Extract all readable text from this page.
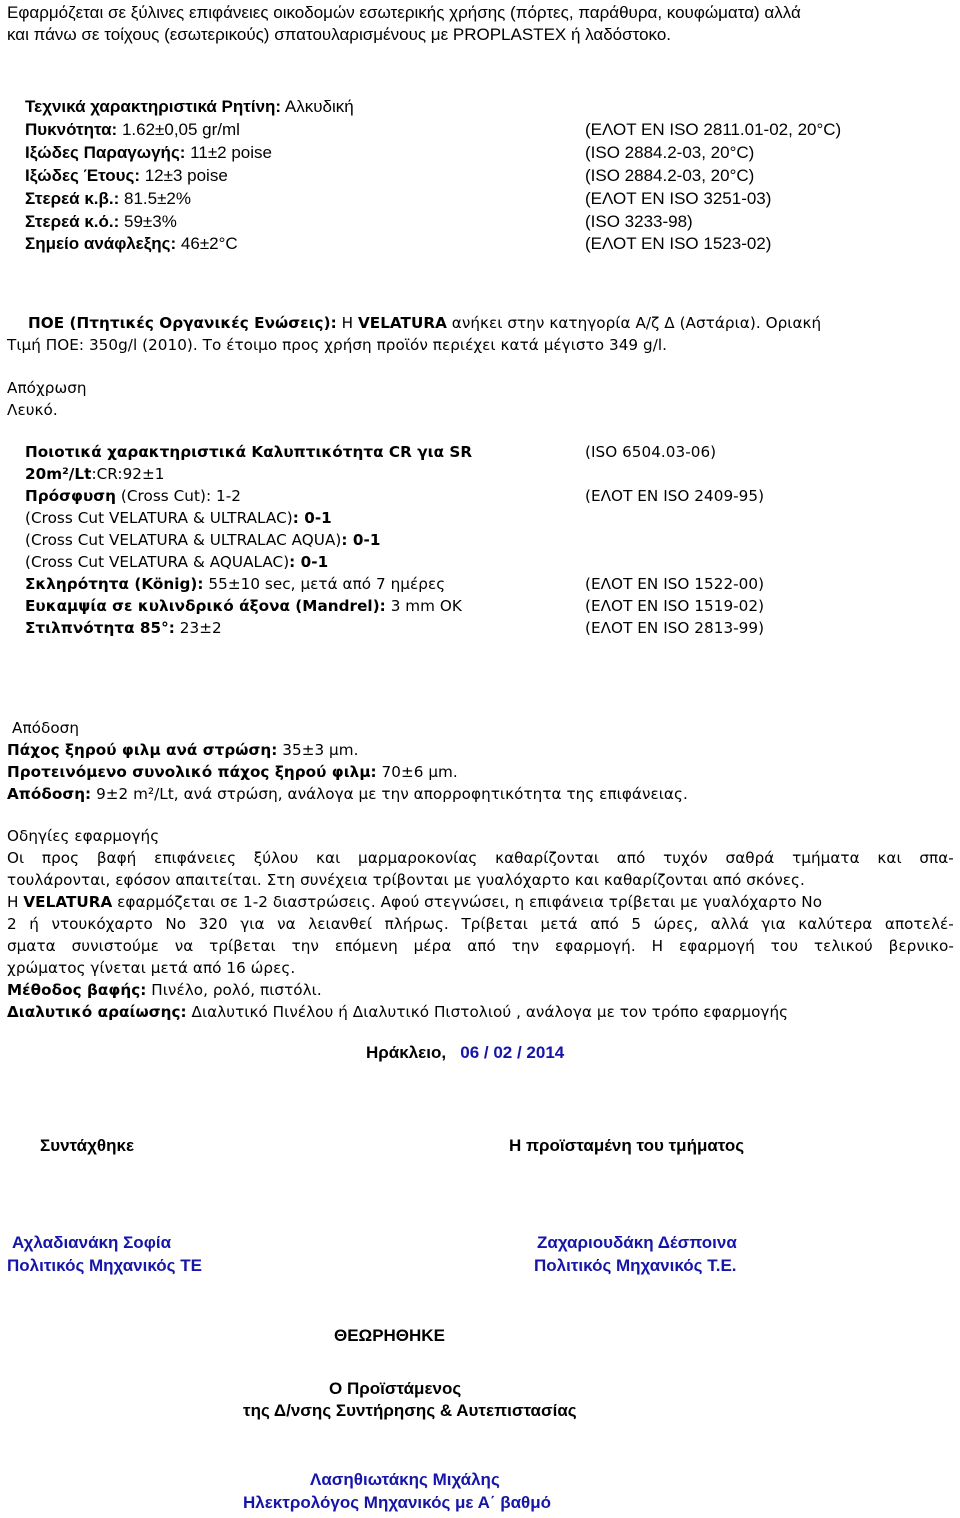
Εφαρμόζεται σε ξύλινες επιφάνειες οικοδομών εσωτερικής χρήσης (πόρτες, παράθυρα, κουφώματα) αλλά
και πάνω σε τοίχους (εσωτερικούς) σπατουλαρισμένους με PROPLASTEX ή λαδόστοκο.
Τεχνικά χαρακτηριστικά Ρητίνη: Αλκυδική
Πυκνότητα: 1.62±0,05 gr/ml	(ΕΛΟΤ EN ISO 2811.01-02, 20°C)
Ιξώδες Παραγωγής: 11±2 poise	(ISO 2884.2-03, 20°C)
Ιξώδες Έτους: 12±3 poise	(ISO 2884.2-03, 20°C)
Στερεά κ.β.: 81.5±2%	(ΕΛΟΤ EN ISO 3251-03)
Στερεά κ.ό.: 59±3%	(ISO 3233-98)
Σημείο ανάφλεξης: 46±2°C	(ΕΛΟΤ EN ISO 1523-02)
ΠΟΕ (Πτητικές Οργανικές Ενώσεις): Η VELATURA ανήκει στην κατηγορία Α/ζ Δ (Αστάρια). Οριακή
Τιμή ΠΟΕ: 350g/l (2010). Το έτοιμο προς χρήση προϊόν περιέχει κατά μέγιστο 349 g/l.
Απόχρωση
Λευκό.
Ποιοτικά χαρακτηριστικά Καλυπτικότητα CR για SR	(ISO 6504.03-06)
20m²/Lt:CR:92±1
Πρόσφυση (Cross Cut): 1-2	(ΕΛΟΤ EN ISO 2409-95)
(Cross Cut VELATURA & ULTRALAC): 0-1
(Cross Cut VELATURA & ULTRALAC AQUA): 0-1
(Cross Cut VELATURA & AQUALAC): 0-1
Σκληρότητα (König): 55±10 sec, μετά από 7 ημέρες	(ΕΛΟΤ EN ISO 1522-00)
Ευκαμψία σε κυλινδρικό άξονα (Mandrel): 3 mm OK	(ΕΛΟΤ EN ISO 1519-02)
Στιλπνότητα 85°: 23±2	(ΕΛΟΤ EN ISO 2813-99)
Απόδοση
Πάχος ξηρού φιλμ ανά στρώση: 35±3 μm.
Προτεινόμενο συνολικό πάχος ξηρού φιλμ: 70±6 μm.
Απόδοση: 9±2 m²/Lt, ανά στρώση, ανάλογα με την απορροφητικότητα της επιφάνειας.
Οδηγίες εφαρμογής
Οι προς βαφή επιφάνειες ξύλου και μαρμαροκονίας καθαρίζονται από τυχόν σαθρά τμήματα και σπα-
τουλάρονται, εφόσον απαιτείται. Στη συνέχεια τρίβονται με γυαλόχαρτο και καθαρίζονται από σκόνες.
Η VELATURA εφαρμόζεται σε 1-2 διαστρώσεις. Αφού στεγνώσει, η επιφάνεια τρίβεται με γυαλόχαρτο Νο
2 ή ντουκόχαρτο Νο 320 για να λειανθεί πλήρως. Τρίβεται μετά από 5 ώρες, αλλά για καλύτερα αποτελέ-
σματα συνιστούμε να τρίβεται την επόμενη μέρα από την εφαρμογή. Η εφαρμογή του τελικού βερνικο-
χρώματος γίνεται μετά από 16 ώρες.
Μέθοδος βαφής: Πινέλο, ρολό, πιστόλι.
Διαλυτικό αραίωσης: Διαλυτικό Πινέλου ή Διαλυτικό Πιστολιού , ανάλογα με τον τρόπο εφαρμογής
Ηράκλειο, 06 / 02 / 2014
Συντάχθηκε	Η προϊσταμένη του τμήματος
Αχλαδιανάκη Σοφία
Πολιτικός Μηχανικός ΤΕ
Ζαχαριουδάκη Δέσποινα
Πολιτικός Μηχανικός Τ.Ε.
ΘΕΩΡΗΘΗΚΕ
Ο Προϊστάμενος
της Δ/νσης Συντήρησης & Αυτεπιστασίας
Λασηθιωτάκης Μιχάλης
Ηλεκτρολόγος Μηχανικός με Α΄ βαθμό
